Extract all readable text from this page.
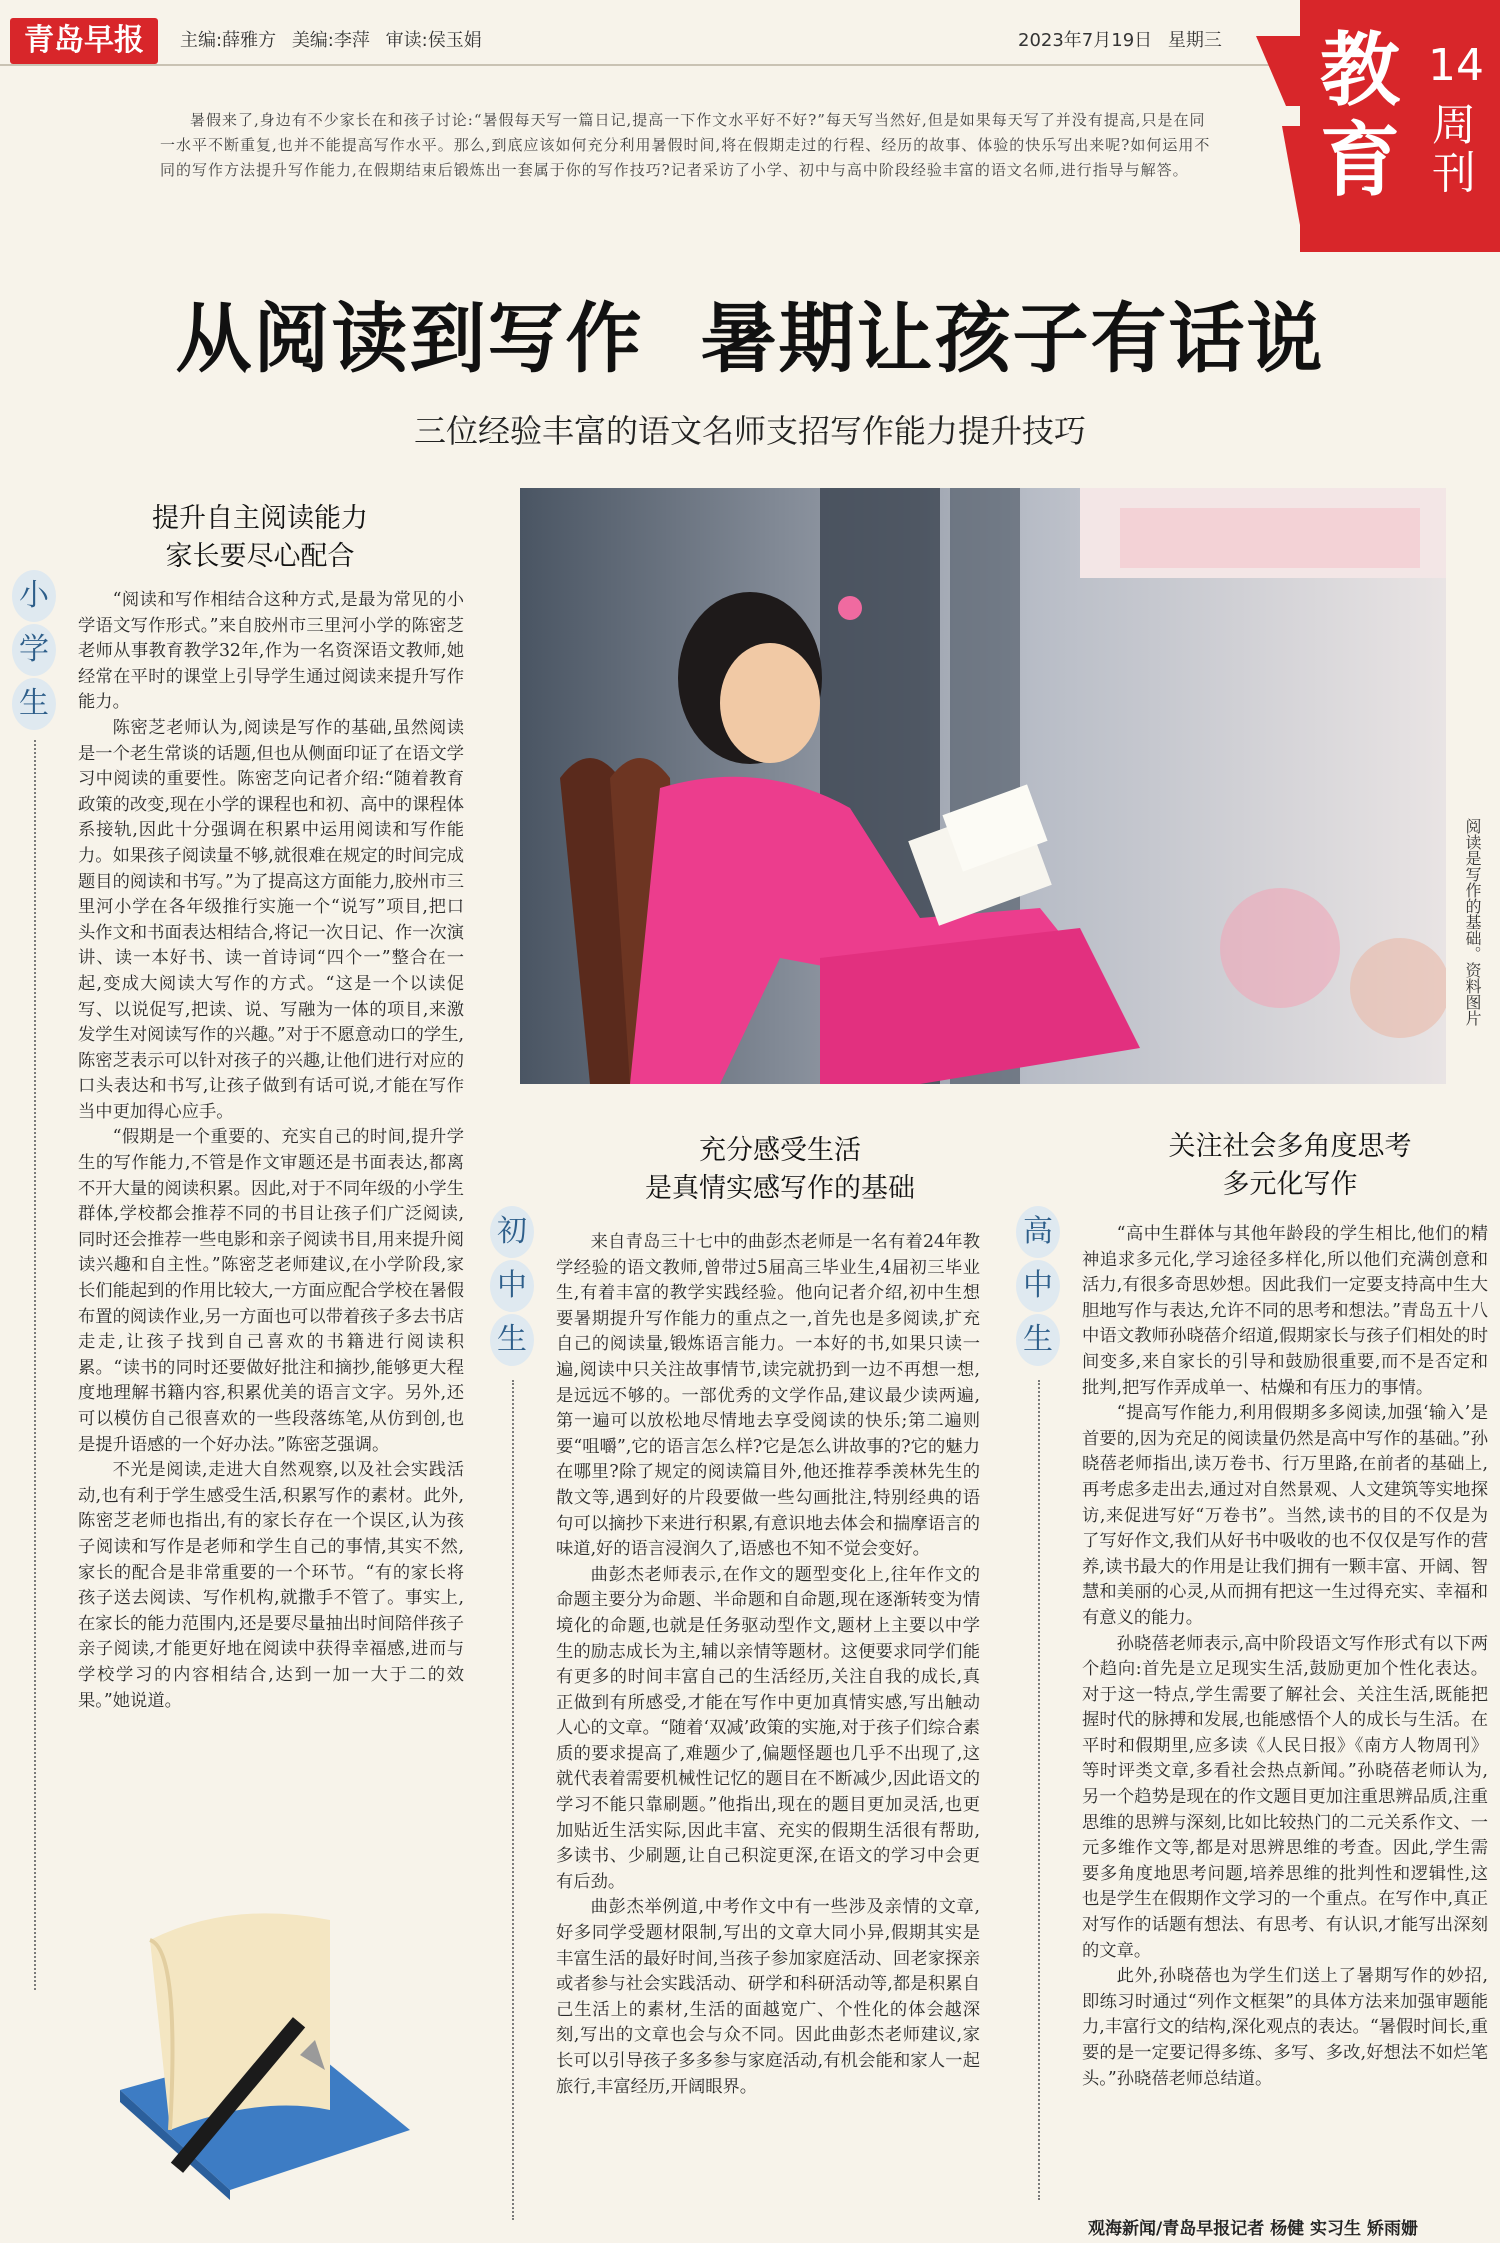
青岛早报	主编:薛雅方 美编:李萍 审读:侯玉娟	2023年7月19日 星期三 教育
14
周刊
暑假来了,身边有不少家长在和孩子讨论:“暑假每天写一篇日记,提高一下作文水平好不好?”每天写当然好,但是如果每天写了并没有提高,只是在同一水平不断重复,也并不能提高写作水平。那么,到底应该如何充分利用暑假时间,将在假期走过的行程、经历的故事、体验的快乐写出来呢?如何运用不同的写作方法提升写作能力,在假期结束后锻炼出一套属于你的写作技巧?记者采访了小学、初中与高中阶段经验丰富的语文名师,进行指导与解答。
从阅读到写作  暑期让孩子有话说
三位经验丰富的语文名师支招写作能力提升技巧
阅读是写作的基础。资料图片
提升自主阅读能力
家长要尽心配合
小
学
生

“阅读和写作相结合这种方式,是最为常见的小学语文写作形式。”来自胶州市三里河小学的陈密芝老师从事教育教学32年,作为一名资深语文教师,她经常在平时的课堂上引导学生通过阅读来提升写作能力。

陈密芝老师认为,阅读是写作的基础,虽然阅读是一个老生常谈的话题,但也从侧面印证了在语文学习中阅读的重要性。陈密芝向记者介绍:“随着教育政策的改变,现在小学的课程也和初、高中的课程体系接轨,因此十分强调在积累中运用阅读和写作能力。如果孩子阅读量不够,就很难在规定的时间完成题目的阅读和书写。”为了提高这方面能力,胶州市三里河小学在各年级推行实施一个“说写”项目,把口头作文和书面表达相结合,将记一次日记、作一次演讲、读一本好书、读一首诗词“四个一”整合在一起,变成大阅读大写作的方式。“这是一个以读促写、以说促写,把读、说、写融为一体的项目,来激发学生对阅读写作的兴趣。”对于不愿意动口的学生,陈密芝表示可以针对孩子的兴趣,让他们进行对应的口头表达和书写,让孩子做到有话可说,才能在写作当中更加得心应手。

“假期是一个重要的、充实自己的时间,提升学生的写作能力,不管是作文审题还是书面表达,都离不开大量的阅读积累。因此,对于不同年级的小学生群体,学校都会推荐不同的书目让孩子们广泛阅读,同时还会推荐一些电影和亲子阅读书目,用来提升阅读兴趣和自主性。”陈密芝老师建议,在小学阶段,家长们能起到的作用比较大,一方面应配合学校在暑假布置的阅读作业,另一方面也可以带着孩子多去书店走走,让孩子找到自己喜欢的书籍进行阅读积累。“读书的同时还要做好批注和摘抄,能够更大程度地理解书籍内容,积累优美的语言文字。另外,还可以模仿自己很喜欢的一些段落练笔,从仿到创,也是提升语感的一个好办法。”陈密芝强调。

不光是阅读,走进大自然观察,以及社会实践活动,也有利于学生感受生活,积累写作的素材。此外,陈密芝老师也指出,有的家长存在一个误区,认为孩子阅读和写作是老师和学生自己的事情,其实不然,家长的配合是非常重要的一个环节。“有的家长将孩子送去阅读、写作机构,就撒手不管了。事实上,在家长的能力范围内,还是要尽量抽出时间陪伴孩子亲子阅读,才能更好地在阅读中获得幸福感,进而与学校学习的内容相结合,达到一加一大于二的效果。”她说道。

充分感受生活
是真情实感写作的基础
初
中
生

来自青岛三十七中的曲彭杰老师是一名有着24年教学经验的语文教师,曾带过5届高三毕业生,4届初三毕业生,有着丰富的教学实践经验。他向记者介绍,初中生想要暑期提升写作能力的重点之一,首先也是多阅读,扩充自己的阅读量,锻炼语言能力。一本好的书,如果只读一遍,阅读中只关注故事情节,读完就扔到一边不再想一想,是远远不够的。一部优秀的文学作品,建议最少读两遍,第一遍可以放松地尽情地去享受阅读的快乐;第二遍则要“咀嚼”,它的语言怎么样?它是怎么讲故事的?它的魅力在哪里?除了规定的阅读篇目外,他还推荐季羡林先生的散文等,遇到好的片段要做一些勾画批注,特别经典的语句可以摘抄下来进行积累,有意识地去体会和揣摩语言的味道,好的语言浸润久了,语感也不知不觉会变好。

曲彭杰老师表示,在作文的题型变化上,往年作文的命题主要分为命题、半命题和自命题,现在逐渐转变为情境化的命题,也就是任务驱动型作文,题材上主要以中学生的励志成长为主,辅以亲情等题材。这便要求同学们能有更多的时间丰富自己的生活经历,关注自我的成长,真正做到有所感受,才能在写作中更加真情实感,写出触动人心的文章。“随着‘双减’政策的实施,对于孩子们综合素质的要求提高了,难题少了,偏题怪题也几乎不出现了,这就代表着需要机械性记忆的题目在不断减少,因此语文的学习不能只靠刷题。”他指出,现在的题目更加灵活,也更加贴近生活实际,因此丰富、充实的假期生活很有帮助,多读书、少刷题,让自己积淀更深,在语文的学习中会更有后劲。

曲彭杰举例道,中考作文中有一些涉及亲情的文章,好多同学受题材限制,写出的文章大同小异,假期其实是丰富生活的最好时间,当孩子参加家庭活动、回老家探亲或者参与社会实践活动、研学和科研活动等,都是积累自己生活上的素材,生活的面越宽广、个性化的体会越深刻,写出的文章也会与众不同。因此曲彭杰老师建议,家长可以引导孩子多多参与家庭活动,有机会能和家人一起旅行,丰富经历,开阔眼界。

关注社会多角度思考
多元化写作
高
中
生

“高中生群体与其他年龄段的学生相比,他们的精神追求多元化,学习途径多样化,所以他们充满创意和活力,有很多奇思妙想。因此我们一定要支持高中生大胆地写作与表达,允许不同的思考和想法。”青岛五十八中语文教师孙晓蓓介绍道,假期家长与孩子们相处的时间变多,来自家长的引导和鼓励很重要,而不是否定和批判,把写作弄成单一、枯燥和有压力的事情。

“提高写作能力,利用假期多多阅读,加强‘输入’是首要的,因为充足的阅读量仍然是高中写作的基础。”孙晓蓓老师指出,读万卷书、行万里路,在前者的基础上,再考虑多走出去,通过对自然景观、人文建筑等实地探访,来促进写好“万卷书”。当然,读书的目的不仅是为了写好作文,我们从好书中吸收的也不仅仅是写作的营养,读书最大的作用是让我们拥有一颗丰富、开阔、智慧和美丽的心灵,从而拥有把这一生过得充实、幸福和有意义的能力。

孙晓蓓老师表示,高中阶段语文写作形式有以下两个趋向:首先是立足现实生活,鼓励更加个性化表达。对于这一特点,学生需要了解社会、关注生活,既能把握时代的脉搏和发展,也能感悟个人的成长与生活。在平时和假期里,应多读《人民日报》《南方人物周刊》等时评类文章,多看社会热点新闻。”孙晓蓓老师认为,另一个趋势是现在的作文题目更加注重思辨品质,注重思维的思辨与深刻,比如比较热门的二元关系作文、一元多维作文等,都是对思辨思维的考查。因此,学生需要多角度地思考问题,培养思维的批判性和逻辑性,这也是学生在假期作文学习的一个重点。在写作中,真正对写作的话题有想法、有思考、有认识,才能写出深刻的文章。

此外,孙晓蓓也为学生们送上了暑期写作的妙招,即练习时通过“列作文框架”的具体方法来加强审题能力,丰富行文的结构,深化观点的表达。“暑假时间长,重要的是一定要记得多练、多写、多改,好想法不如烂笔头。”孙晓蓓老师总结道。

观海新闻/青岛早报记者 杨健 实习生 矫雨姗
